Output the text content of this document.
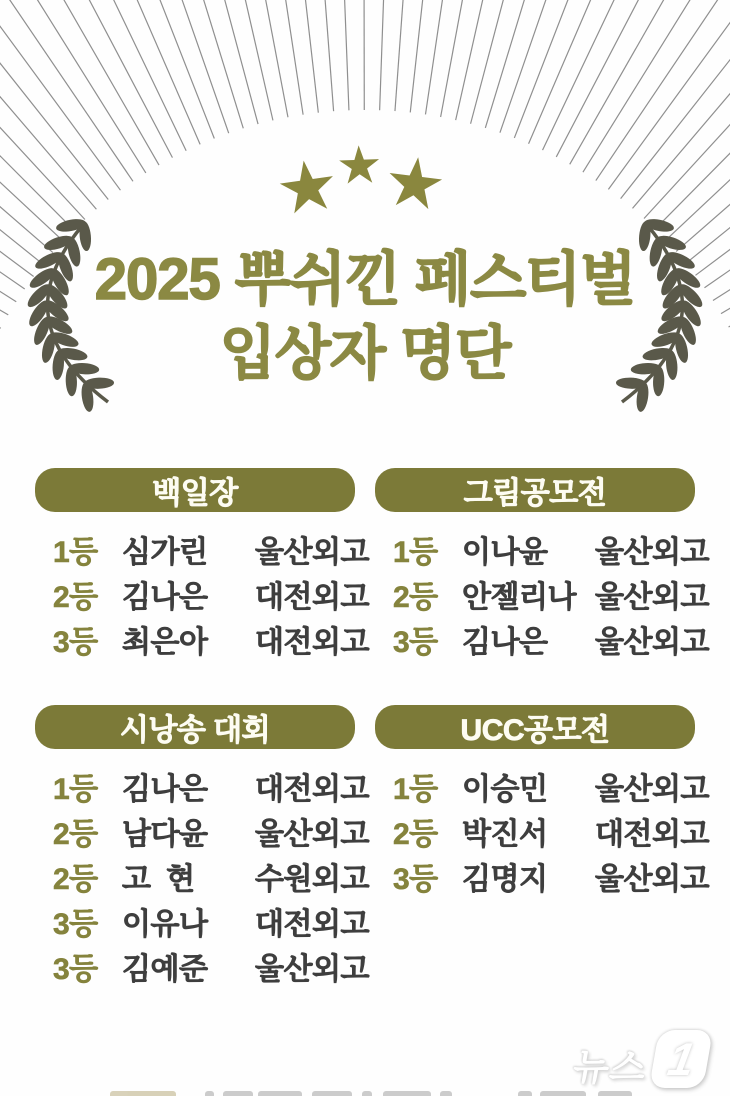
★
★
★
2025 뿌쉬낀 페스티벌
입상자 명단
백일장
1등 심가린	울산외고
2등 김나은	대전외고
3등 최은아	대전외고
그림공모전
1등 이나윤	울산외고
2등 안젤리나 울산외고
3등 김나은	울산외고
시낭송 대회
1등 김나은	대전외고
2등 남다윤	울산외고
2등 고  현	수원외고
3등 이유나	대전외고
3등 김예준	울산외고
UCC공모전
1등 이승민	울산외고
2등 박진서	대전외고
3등 김명지	울산외고
뉴스 1
